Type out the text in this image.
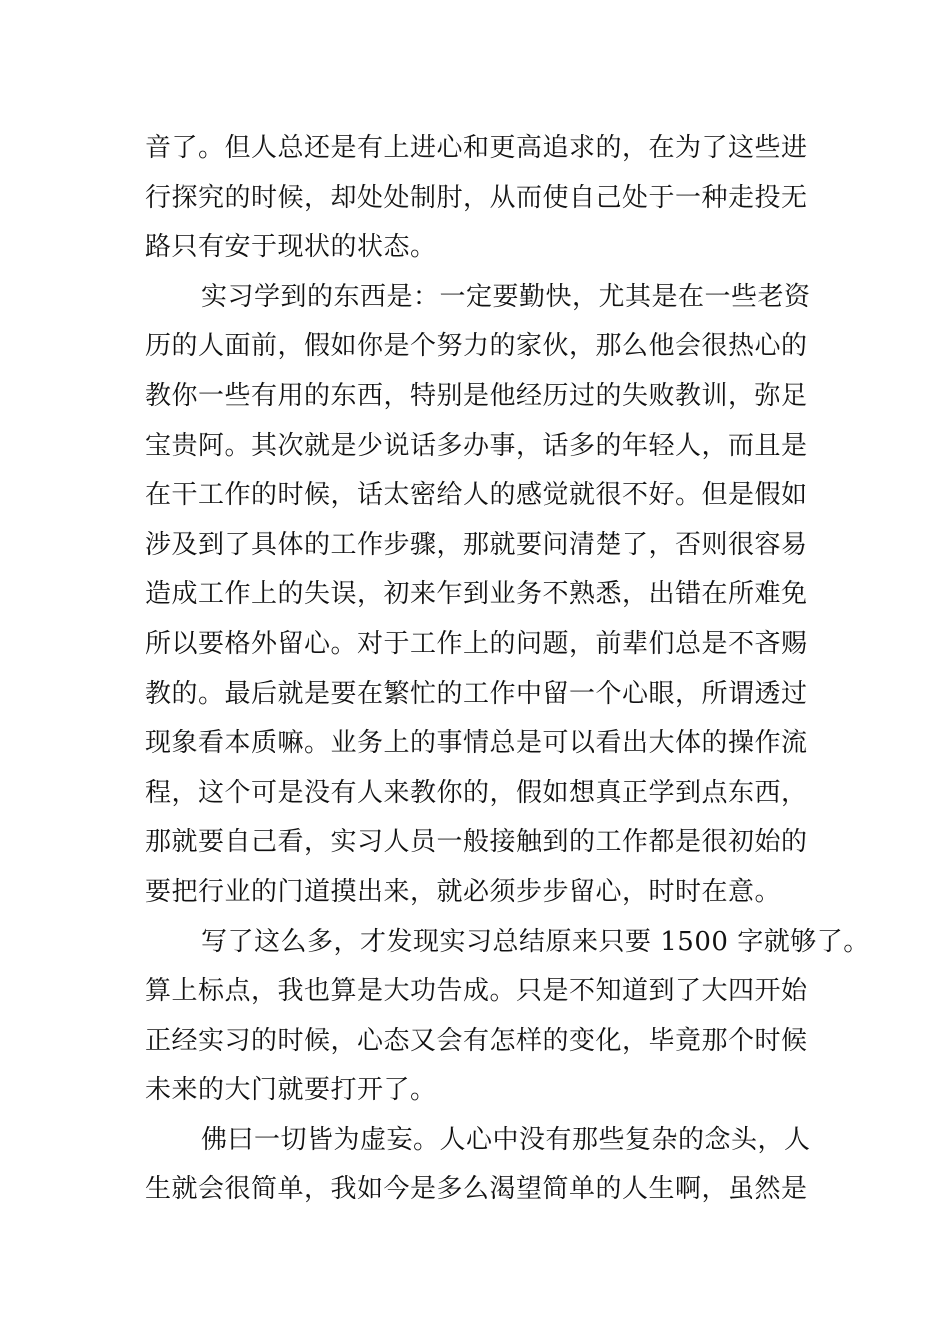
音了。但人总还是有上进心和更高追求的，在为了这些进
行探究的时候，却处处制肘，从而使自己处于一种走投无
路只有安于现状的状态。
实习学到的东西是：一定要勤快，尤其是在一些老资
历的人面前，假如你是个努力的家伙，那么他会很热心的
教你一些有用的东西，特别是他经历过的失败教训，弥足
宝贵阿。其次就是少说话多办事，话多的年轻人，而且是
在干工作的时候，话太密给人的感觉就很不好。但是假如
涉及到了具体的工作步骤，那就要问清楚了，否则很容易
造成工作上的失误，初来乍到业务不熟悉，出错在所难免
所以要格外留心。对于工作上的问题，前辈们总是不吝赐
教的。最后就是要在繁忙的工作中留一个心眼，所谓透过
现象看本质嘛。业务上的事情总是可以看出大体的操作流
程，这个可是没有人来教你的，假如想真正学到点东西，
那就要自己看，实习人员一般接触到的工作都是很初始的
要把行业的门道摸出来，就必须步步留心，时时在意。
写了这么多，才发现实习总结原来只要 1500 字就够了。
算上标点，我也算是大功告成。只是不知道到了大四开始
正经实习的时候，心态又会有怎样的变化，毕竟那个时候
未来的大门就要打开了。
佛曰一切皆为虚妄。人心中没有那些复杂的念头，人
生就会很简单，我如今是多么渴望简单的人生啊，虽然是
